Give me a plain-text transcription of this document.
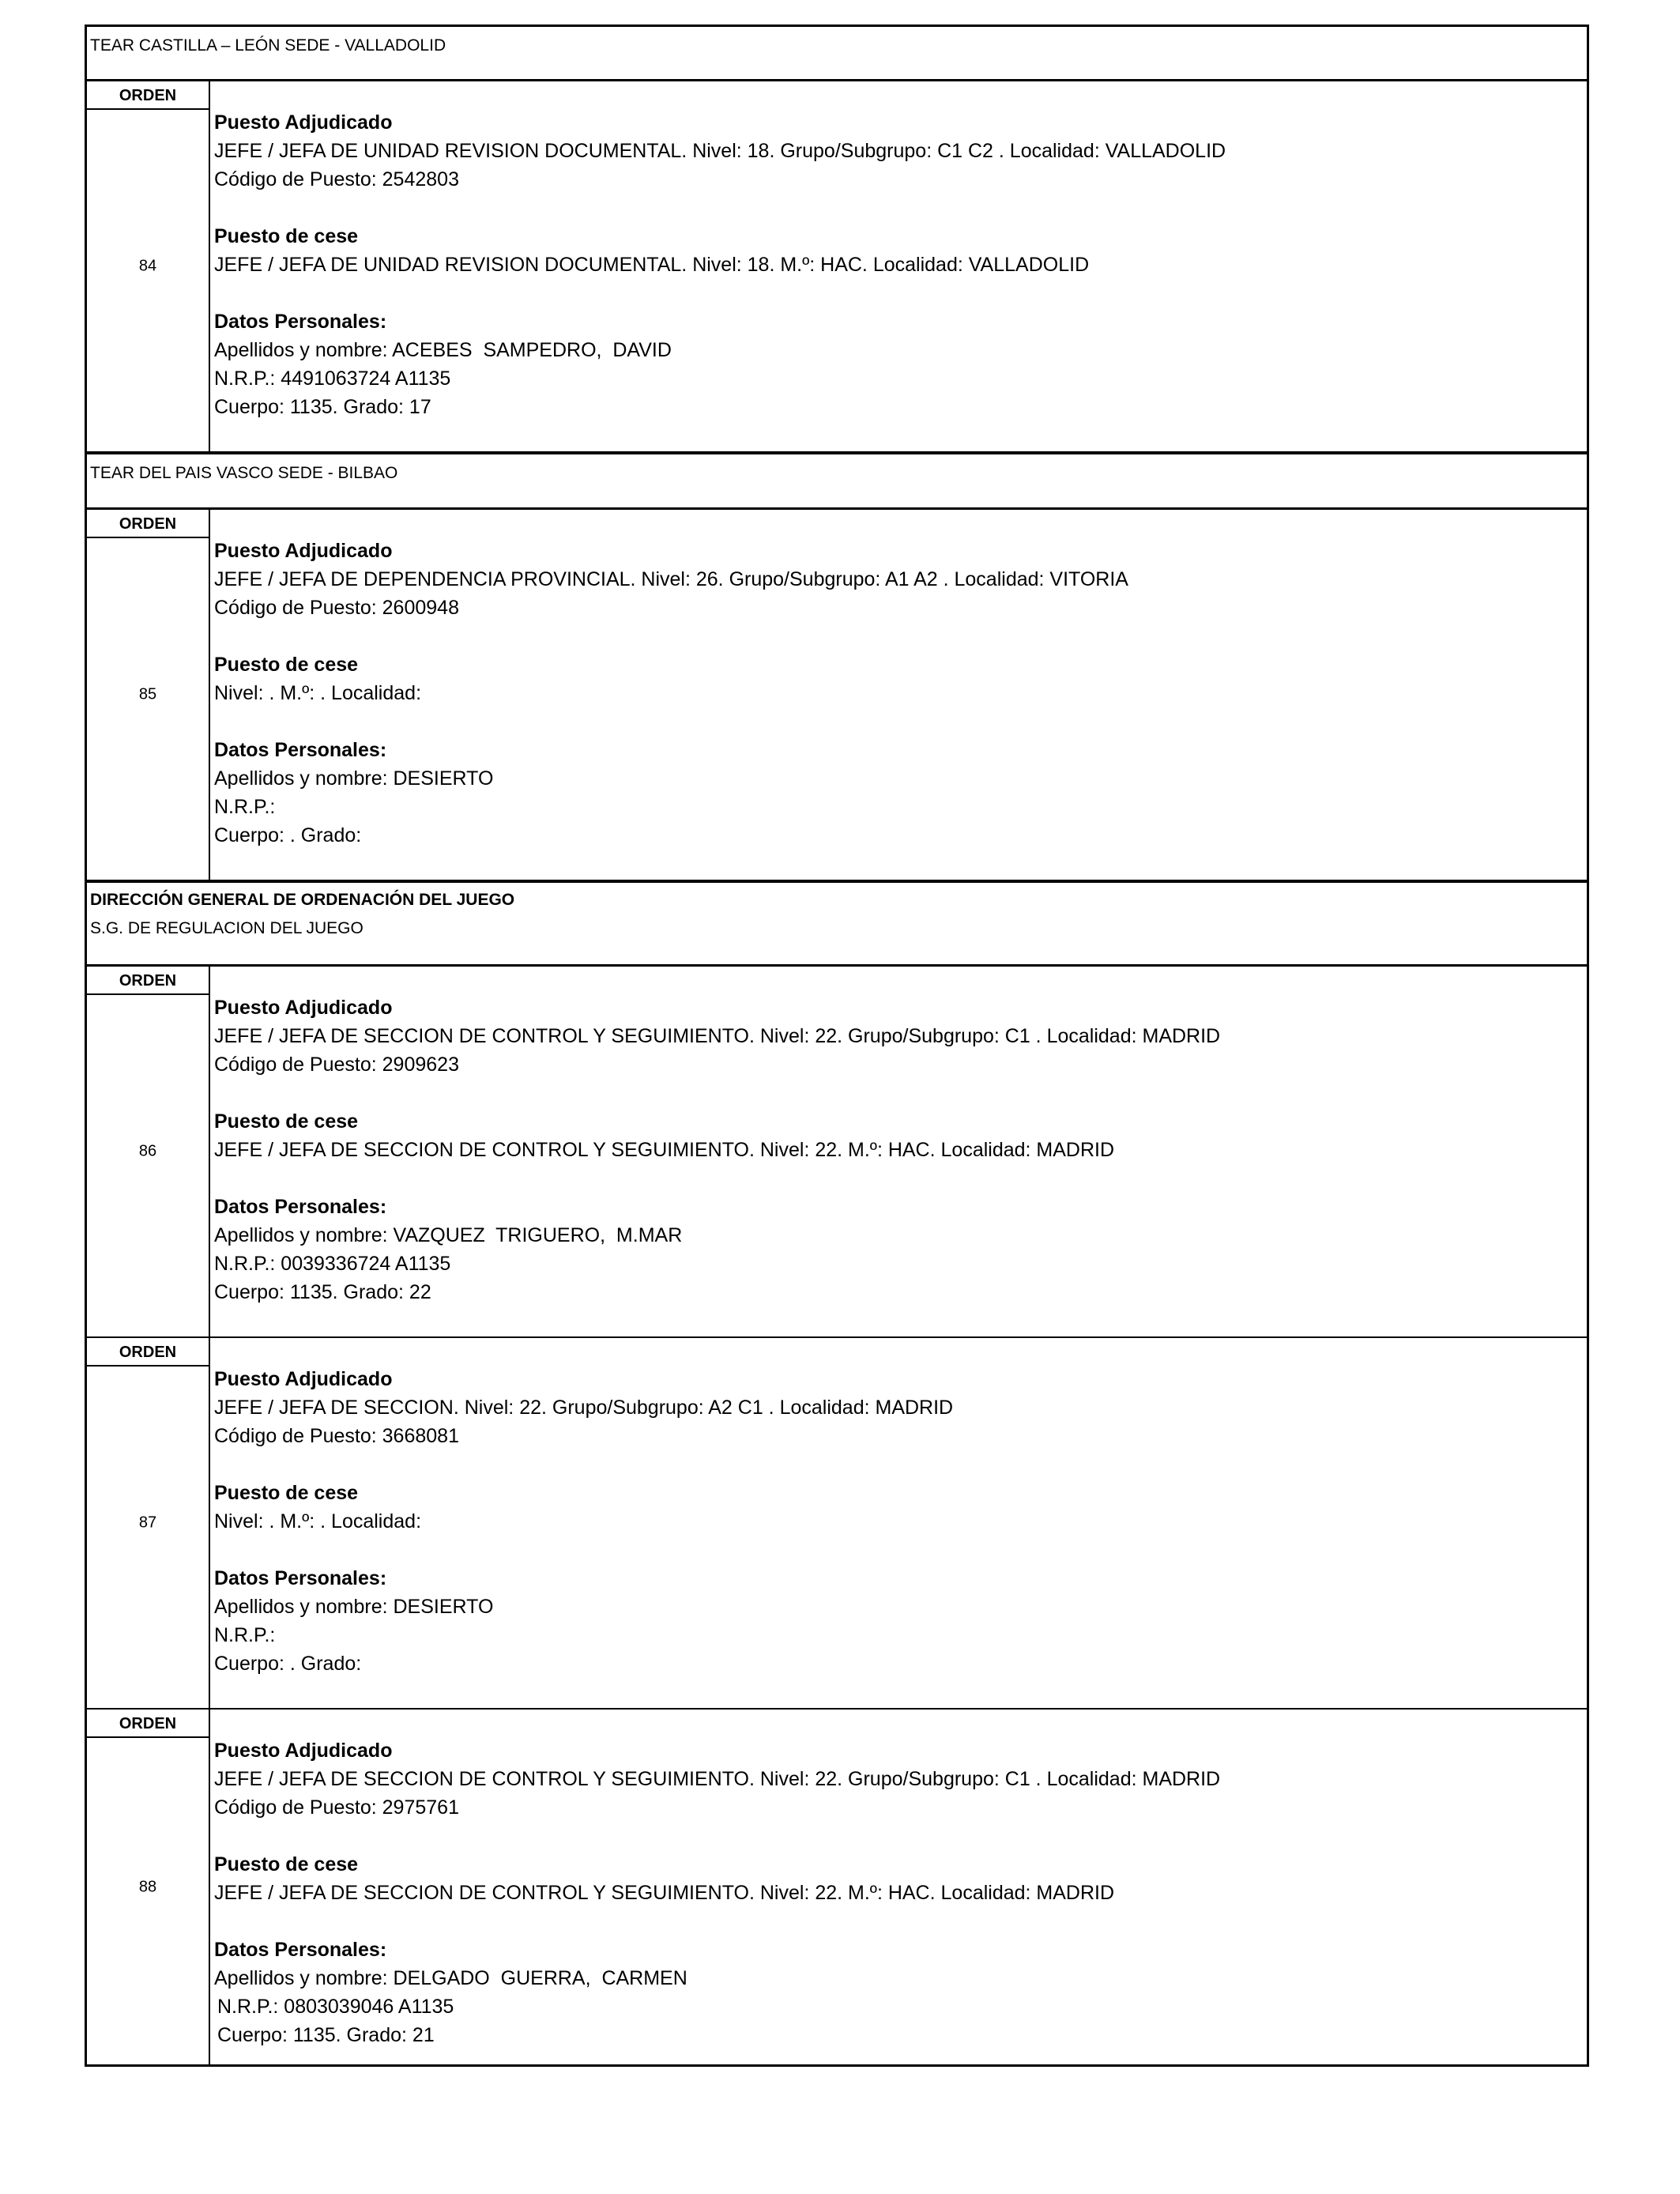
TEAR CASTILLA – LEÓN SEDE - VALLADOLID
ORDEN
84
Puesto Adjudicado
JEFE / JEFA DE UNIDAD REVISION DOCUMENTAL. Nivel: 18. Grupo/Subgrupo: C1 C2 . Localidad: VALLADOLID
Código de Puesto: 2542803
Puesto de cese
JEFE / JEFA DE UNIDAD REVISION DOCUMENTAL. Nivel: 18. M.º: HAC. Localidad: VALLADOLID
Datos Personales:
Apellidos y nombre: ACEBES  SAMPEDRO,  DAVID
N.R.P.: 4491063724 A1135
Cuerpo: 1135. Grado: 17
TEAR DEL PAIS VASCO SEDE - BILBAO
ORDEN
85
Puesto Adjudicado
JEFE / JEFA DE DEPENDENCIA PROVINCIAL. Nivel: 26. Grupo/Subgrupo: A1 A2 . Localidad: VITORIA
Código de Puesto: 2600948
Puesto de cese
Nivel: . M.º: . Localidad:
Datos Personales:
Apellidos y nombre: DESIERTO
N.R.P.:
Cuerpo: . Grado:
DIRECCIÓN GENERAL DE ORDENACIÓN DEL JUEGO
S.G. DE REGULACION DEL JUEGO
ORDEN
86
Puesto Adjudicado
JEFE / JEFA DE SECCION DE CONTROL Y SEGUIMIENTO. Nivel: 22. Grupo/Subgrupo: C1 . Localidad: MADRID
Código de Puesto: 2909623
Puesto de cese
JEFE / JEFA DE SECCION DE CONTROL Y SEGUIMIENTO. Nivel: 22. M.º: HAC. Localidad: MADRID
Datos Personales:
Apellidos y nombre: VAZQUEZ  TRIGUERO,  M.MAR
N.R.P.: 0039336724 A1135
Cuerpo: 1135. Grado: 22
ORDEN
87
Puesto Adjudicado
JEFE / JEFA DE SECCION. Nivel: 22. Grupo/Subgrupo: A2 C1 . Localidad: MADRID
Código de Puesto: 3668081
Puesto de cese
Nivel: . M.º: . Localidad:
Datos Personales:
Apellidos y nombre: DESIERTO
N.R.P.:
Cuerpo: . Grado:
ORDEN
88
Puesto Adjudicado
JEFE / JEFA DE SECCION DE CONTROL Y SEGUIMIENTO. Nivel: 22. Grupo/Subgrupo: C1 . Localidad: MADRID
Código de Puesto: 2975761
Puesto de cese
JEFE / JEFA DE SECCION DE CONTROL Y SEGUIMIENTO. Nivel: 22. M.º: HAC. Localidad: MADRID
Datos Personales:
Apellidos y nombre: DELGADO  GUERRA,  CARMEN
N.R.P.: 0803039046 A1135
Cuerpo: 1135. Grado: 21
